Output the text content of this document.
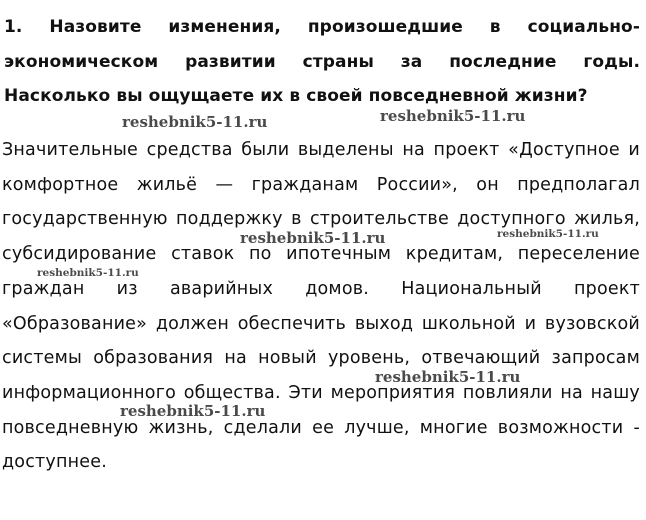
1. Назовите изменения, произошедшие в социально-экономическом развитии страны за последние годы. Насколько вы ощущаете их в своей повседневной жизни?
Значительные средства были выделены на проект «Доступное и комфортное жильё — гражданам России», он предполагал государственную поддержку в строительстве доступного жилья, субсидирование ставок по ипотечным кредитам, переселение граждан из аварийных домов. Национальный проект «Образование» должен обеспечить выход школьной и вузовской системы образования на новый уровень, отвечающий запросам информационного общества. Эти мероприятия повлияли на нашу повседневную жизнь, сделали ее лучше, многие возможности - доступнее.
reshebnik5-11.ru	reshebnik5-11.ru
reshebnik5-11.ru	reshebnik5-11.ru
reshebnik5-11.ru
reshebnik5-11.ru
reshebnik5-11.ru
